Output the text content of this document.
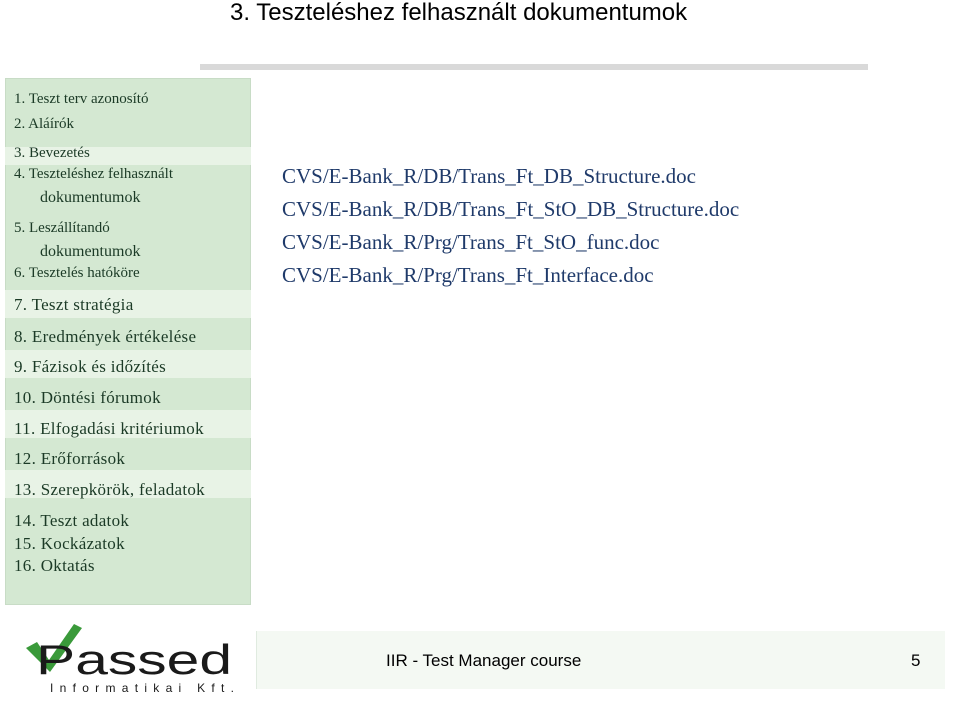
3. Teszteléshez felhasznált dokumentumok
1. Teszt terv azonosító
2. Aláírók
3. Bevezetés
4. Teszteléshez felhasznált
dokumentumok
5. Leszállítandó
dokumentumok
6. Tesztelés hatóköre
7. Teszt stratégia
8. Eredmények értékelése
9. Fázisok és időzítés
10. Döntési fórumok
11. Elfogadási kritériumok
12. Erőforrások
13. Szerepkörök, feladatok
14. Teszt adatok
15. Kockázatok
16. Oktatás
CVS/E-Bank_R/DB/Trans_Ft_DB_Structure.doc
CVS/E-Bank_R/DB/Trans_Ft_StO_DB_Structure.doc
CVS/E-Bank_R/Prg/Trans_Ft_StO_func.doc
CVS/E-Bank_R/Prg/Trans_Ft_Interface.doc
IIR - Test Manager course	5
Passed
Informatikai Kft.
